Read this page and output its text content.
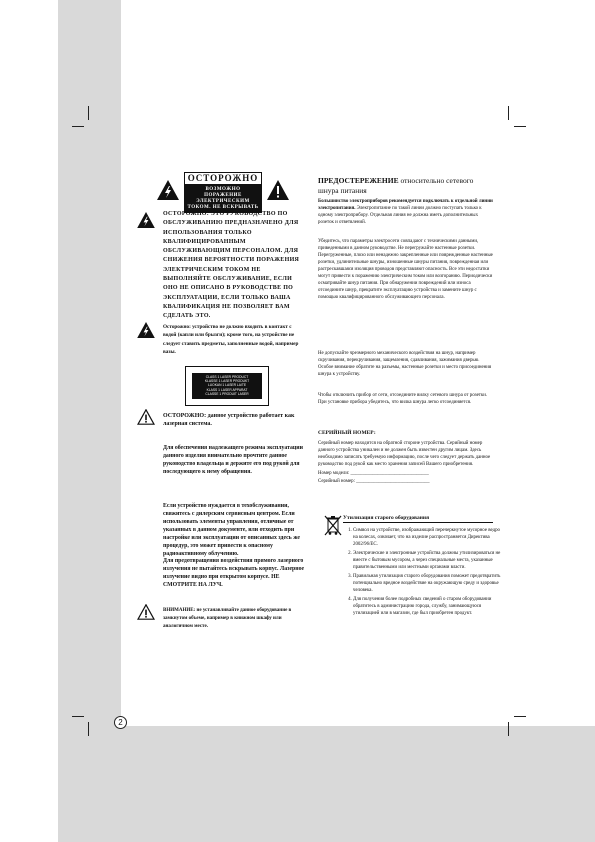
2
ОСТОРОЖНО
ВОЗМОЖНО ПОРАЖЕНИЕ ЭЛЕКТРИЧЕСКИМ ТОКОМ. НЕ ВСКРЫВАТЬ
ОСТОРОЖНО: ЭТО РУКОВОДСТВО ПО ОБСЛУЖИВАНИЮ ПРЕДНАЗНАЧЕНО ДЛЯ ИСПОЛЬЗОВАНИЯ ТОЛЬКО КВАЛИФИЦИРОВАННЫМ ОБСЛУЖИВАЮЩИМ ПЕРСОНАЛОМ. ДЛЯ СНИЖЕНИЯ ВЕРОЯТНОСТИ ПОРАЖЕНИЯ ЭЛЕКТРИЧЕСКИМ ТОКОМ НЕ ВЫПОЛНЯЙТЕ ОБСЛУЖИВАНИЕ, ЕСЛИ ОНО НЕ ОПИСАНО В РУКОВОДСТВЕ ПО ЭКСПЛУАТАЦИИ, ЕСЛИ ТОЛЬКО ВАША КВАЛИФИКАЦИЯ НЕ ПОЗВОЛЯЕТ ВАМ СДЕЛАТЬ ЭТО.
Осторожно: устройство не должно входить в контакт с водой (капли или брызги); кроме того, на устройстве не следует ставить предметы, заполненные водой, например вазы.
CLASS 1 LASER PRODUCT
KLASSE 1 LASER PRODUKT
LUOKAN 1 LASER LAITE
KLASS 1 LASER APPARAT
CLASSE 1 PRODUIT LASER
ОСТОРОЖНО: данное устройство работает как лазерная система.
Для обеспечения надлежащего режима эксплуатации данного изделия внимательно прочтите данное руководство владельца и держите его под рукой для последующего к нему обращения.
Если устройство нуждается в техобслуживании, свяжитесь с дилерским сервисным центром. Если использовать элементы управления, отличные от указанных в данном документе, или отходить при настройке или эксплуатации от описанных здесь же процедур, это может привести к опасному радиоактивному облучению.
Для предотвращения воздействия прямого лазерного излучения не пытайтесь вскрывать корпус. Лазерное излучение видно при открытом корпусе. НЕ СМОТРИТЕ НА ЛУЧ.
ВНИМАНИЕ: не устанавливайте данное оборудование в замкнутом объеме, например в книжном шкафу или аналогичном месте.
ПРЕДОСТЕРЕЖЕНИЕ относительно сетевого шнура питания
Большинство электроприборов рекомендуется подключать к отдельной линии электропитания. Электропитание по такой линии должно поступать только к одному электроприбору. Отдельная линия не должна иметь дополнительных розеток и ответвлений.
Убедитесь, что параметры электросети совпадают с техническими данными, приведенными в данном руководстве. Не перегружайте настенные розетки. Перегруженные, плохо или ненадежно закрепленные или поврежденные настенные розетки, удлинительные шнуры, изношенные шнуры питания, поврежденная или растрескавшаяся изоляция проводов представляют опасность. Все эти недостатки могут привести к поражению электрическим током или возгоранию. Периодически осматривайте шнур питания. При обнаружении повреждений или износа отсоедините шнур, прекратите эксплуатацию устройства и замените шнур с помощью квалифицированного обслуживающего персонала.
Не допускайте чрезмерного механического воздействия на шнур, например скручивания, перекручивания, защемления, сдавливания, зажимания дверью. Особое внимание обратите на разъемы, настенные розетки и место присоединения шнура к устройству.
Чтобы отключить прибор от сети, отсоедините вилку сетевого шнура от розетки. При установке прибора убедитесь, что вилка шнура легко отсоединяется.
СЕРИЙНЫЙ НОМЕР:
Серийный номер находится на обратной стороне устройства. Серийный номер данного устройства уникален и не должен быть известен другим лицам. Здесь необходимо записать требуемую информацию, после чего следует держать данное руководство под рукой как место хранения записей Вашего приобретения.
Номер модели: ________________________________
Серийный номер: ______________________________
Утилизация старого оборудования
1. Символ на устройстве, изображающий перечеркнутое мусорное ведро на колесах, означает, что на изделие распространяется Директива 2002/96/EC.
2. Электрические и электронные устройства должны утилизироваться не вместе с бытовым мусором, а через специальные места, указанные правительственными или местными органами власти.
3. Правильная утилизация старого оборудования поможет предотвратить потенциально вредное воздействие на окружающую среду и здоровье человека.
4. Для получения более подробных сведений о старом оборудовании обратитесь в администрацию города, службу, занимающуюся утилизацией или в магазин, где был приобретен продукт.
